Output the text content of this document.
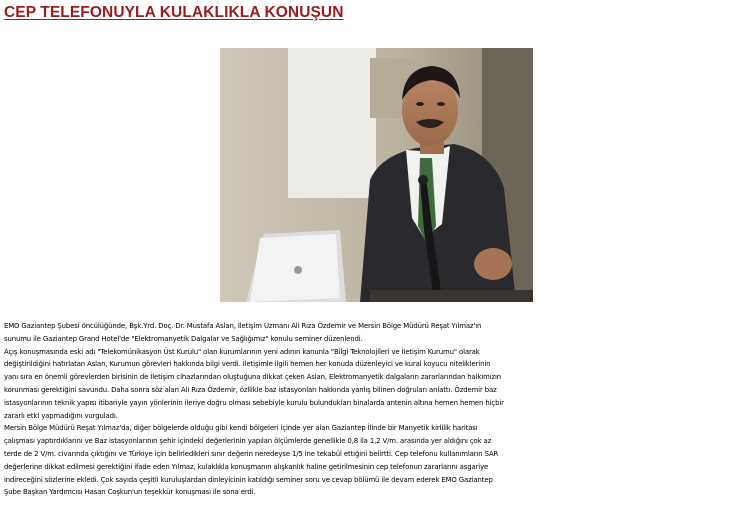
CEP TELEFONUYLA KULAKLIKLA KONUŞUN

EMO Gaziantep Şubesi öncülüğünde, Bşk.Yrd. Doç. Dr. Mustafa Aslan, İletişim Uzmanı Ali Rıza Özdemir ve Mersin Bölge Müdürü Reşat Yılmaz'ın

sunumu ile Gaziantep Grand Hotel'de "Elektromanyetik Dalgalar ve Sağlığımız" konulu seminer düzenlendi.

Açış konuşmasında eski adı "Telekomünikasyon Üst Kurulu" olan kurumlarının yeni adının kanunla "Bilgi Teknolojileri ve İletişim Kurumu" olarak

değiştirildiğini hatırlatan Aslan, Kurumun görevleri hakkında bilgi verdi. İletişimle ilgili hemen her konuda düzenleyici ve kural koyucu niteliklerinin

yanı sıra en önemli görevlerden birisinin de İletişim cihazlarından oluştuğuna dikkat çeken Aslan, Elektromanyetik dalgaların zararlarından halkımızın

korunması gerektiğini savundu. Daha sonra söz alan Ali Rıza Özdemir, özllikle baz istasyonları hakkında yanlış bilinen doğruları anlattı. Özdemir baz

istasyonlarının teknik yapısı itibariyle yayın yönlerinin ileriye doğru olması sebebiyle kurulu bulundukları binalarda antenin altına hemen hemen hiçbir

zararlı etki yapmadığını vurguladı.

Mersin Bölge Müdürü Reşat Yılmaz'da, diğer bölgelerde olduğu gibi kendi bölgeleri içinde yer alan Gaziantep İlinde bir Manyetik kirlilik haritası

çalışması yaptırdıklarını ve Baz istasyonlarının şehir içindeki değerlerinin yapılan ölçümlerde genellikle 0,8 ila 1,2 V/m. arasında yer aldığını çok az

terde de 2 V/m. civarında çıktığını ve Türkiye için belirledikleri sınır değerin neredeyse 1/5 ine tekabül ettiğini belirtti. Cep telefonu kullanımların SAR

değerlerine dikkat edilmesi gerektiğini ifade eden Yılmaz, kulaklıkla konuşmanın alışkanlık haline getirilmesinin cep telefonun zararlarını asgariye

indireceğini sözlerine ekledi. Çok sayıda çeşitli kuruluşlardan dinleyicinin katıldığı seminer soru ve cevap bölümü ile devam ederek EMO Gaziantep

Şube Başkan Yardımcısı Hasan Coşkun'un teşekkür konuşması ile sona erdi.
